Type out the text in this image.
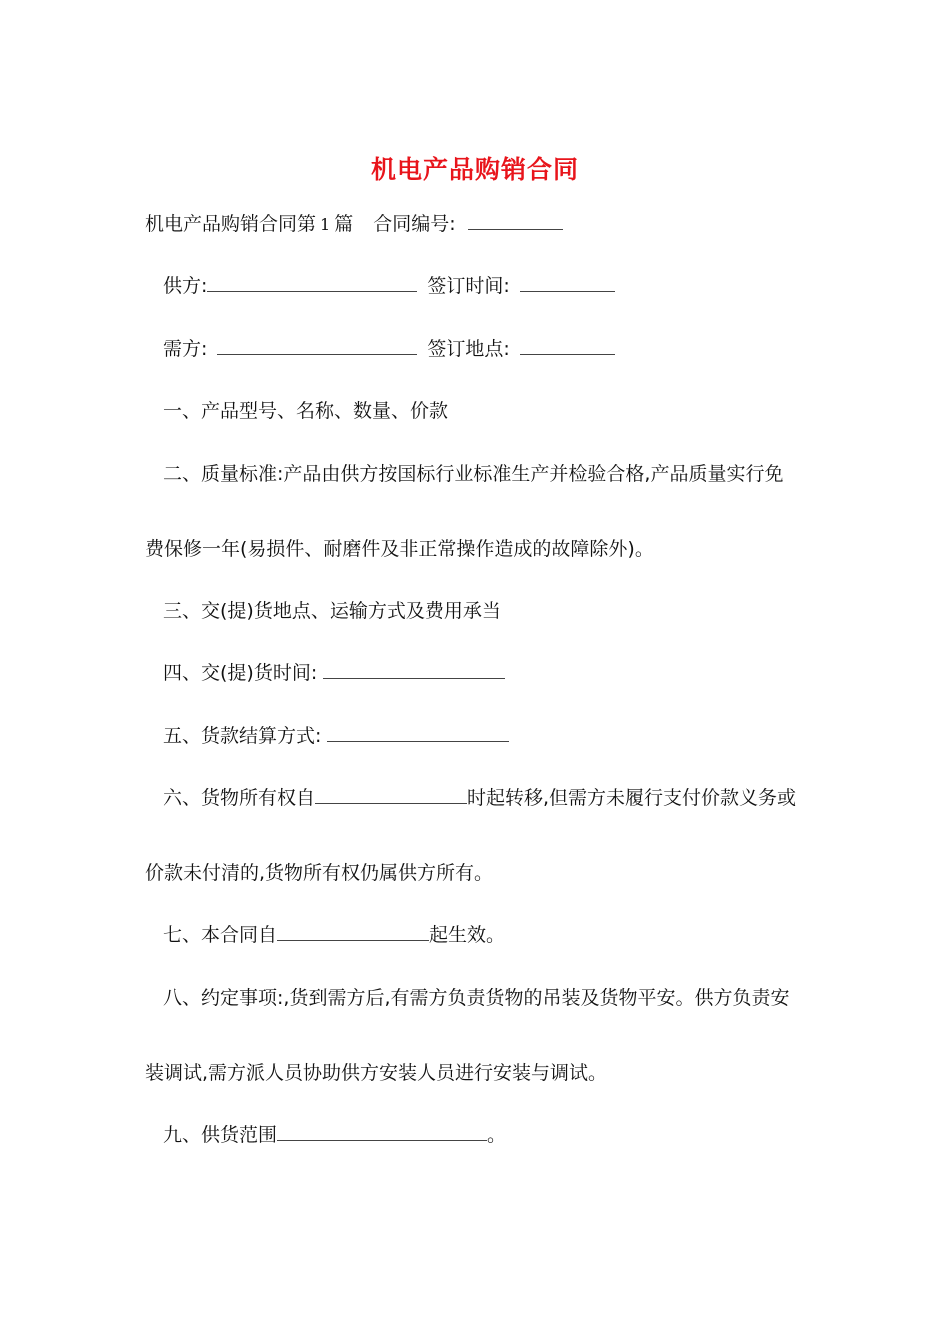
机电产品购销合同
机电产品购销合同第 1 篇 合同编号:
供方:	签订时间:
需方:	签订地点:
一、产品型号、名称、数量、价款
二、质量标准:产品由供方按国标行业标准生产并检验合格,产品质量实行免
费保修一年(易损件、耐磨件及非正常操作造成的故障除外)。
三、交(提)货地点、运输方式及费用承当
四、交(提)货时间:
五、货款结算方式:
六、货物所有权自	时起转移,但需方未履行支付价款义务或
价款未付清的,货物所有权仍属供方所有。
七、本合同自	起生效。
八、约定事项:,货到需方后,有需方负责货物的吊装及货物平安。供方负责安
装调试,需方派人员协助供方安装人员进行安装与调试。
九、供货范围	。
